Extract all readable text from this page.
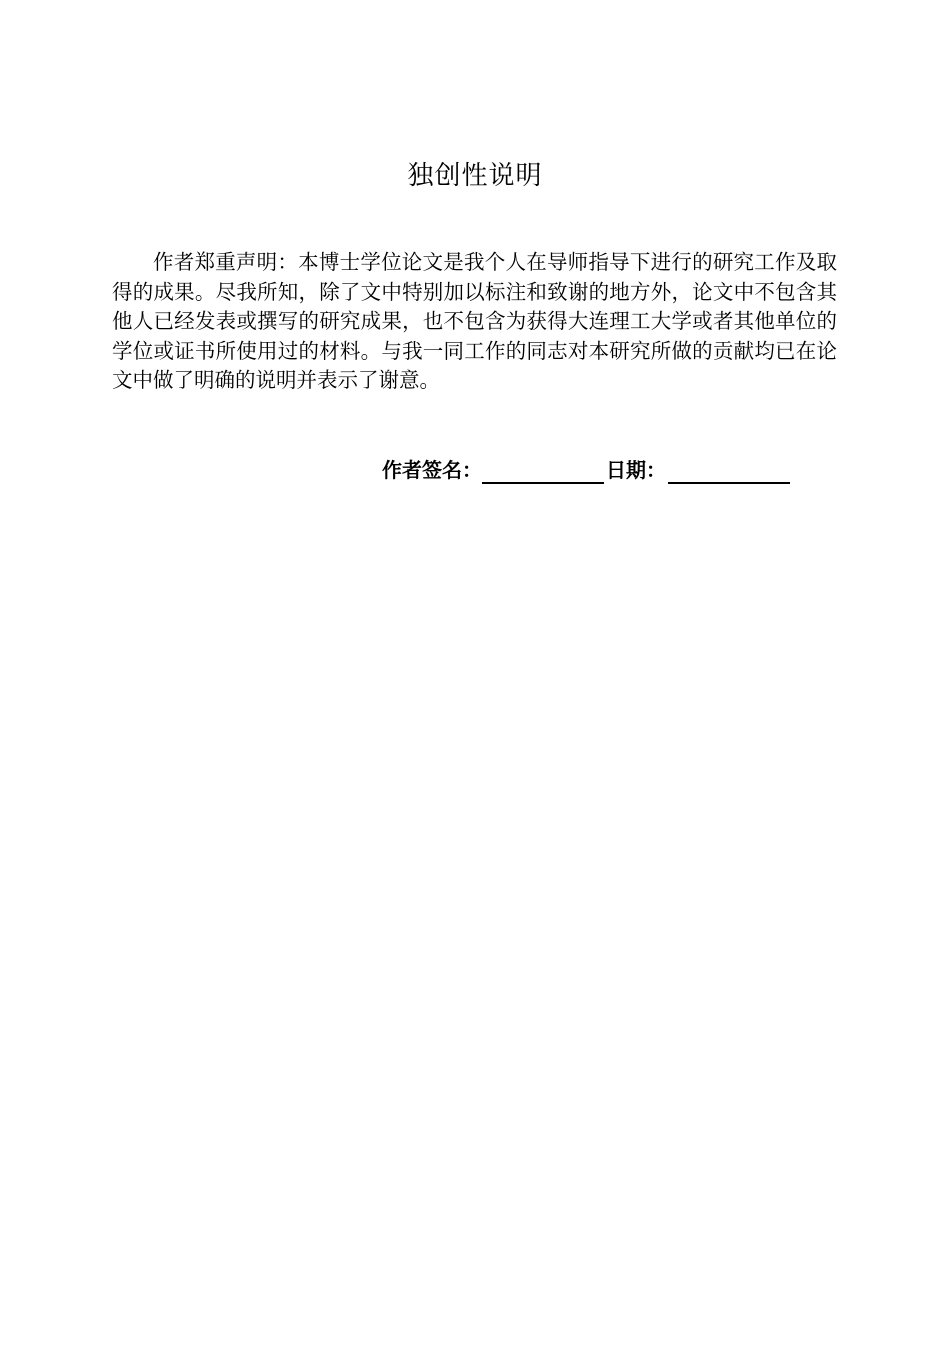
独创性说明

作者郑重声明：本博士学位论文是我个人在导师指导下进行的研究工作及取得的成果。尽我所知，除了文中特别加以标注和致谢的地方外，论文中不包含其他人已经发表或撰写的研究成果，也不包含为获得大连理工大学或者其他单位的学位或证书所使用过的材料。与我一同工作的同志对本研究所做的贡献均已在论文中做了明确的说明并表示了谢意。

作者签名：	日期：
